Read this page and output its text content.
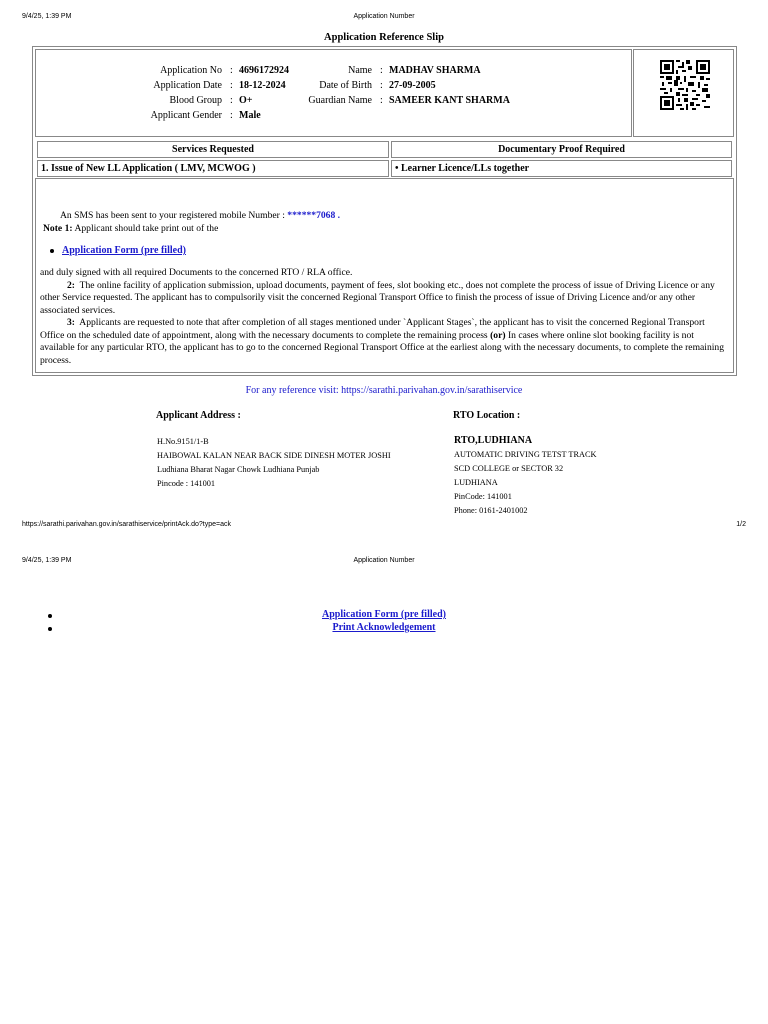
9/4/25, 1:39 PM	Application Number
Application Reference Slip
Application No : 4696172924	Name : MADHAV SHARMA
Application Date : 18-12-2024	Date of Birth : 27-09-2005
Blood Group : O+	Guardian Name : SAMEER KANT SHARMA
Applicant Gender : Male
Services Requested	Documentary Proof Required
1. Issue of New LL Application ( LMV, MCWOG )	• Learner Licence/LLs together

An SMS has been sent to your registered mobile Number : ******7068 .

Note 1: Applicant should take print out of the

and duly signed with all required Documents to the concerned RTO / RLA office.

2: The online facility of application submission, upload documents, payment of fees, slot booking etc., does not complete the process of issue of Driving Licence or any other Service requested. The applicant has to compulsorily visit the concerned Regional Transport Office to finish the process of issue of Driving Licence and/or any other associated services.

3: Applicants are requested to note that after completion of all stages mentioned under `Applicant Stages`, the applicant has to visit the concerned Regional Transport Office on the scheduled date of appointment, along with the necessary documents to complete the remaining process (or) In cases where online slot booking facility is not available for any particular RTO, the applicant has to go to the concerned Regional Transport Office at the earliest along with the necessary documents, to complete the remaining process.

Application Form (pre filled)
For any reference visit: https://sarathi.parivahan.gov.in/sarathiservice
Applicant Address :	RTO Location :
H.No.9151/1-B
HAIBOWAL KALAN NEAR BACK SIDE DINESH MOTER JOSHI
Ludhiana Bharat Nagar Chowk Ludhiana Punjab
Pincode : 141001
RTO,LUDHIANA
AUTOMATIC DRIVING TETST TRACK
SCD COLLEGE or SECTOR 32
LUDHIANA
PinCode: 141001
Phone: 0161-2401002
https://sarathi.parivahan.gov.in/sarathiservice/printAck.do?type=ack	1/2
9/4/25, 1:39 PM	Application Number
Application Form (pre filled)
Print Acknowledgement
